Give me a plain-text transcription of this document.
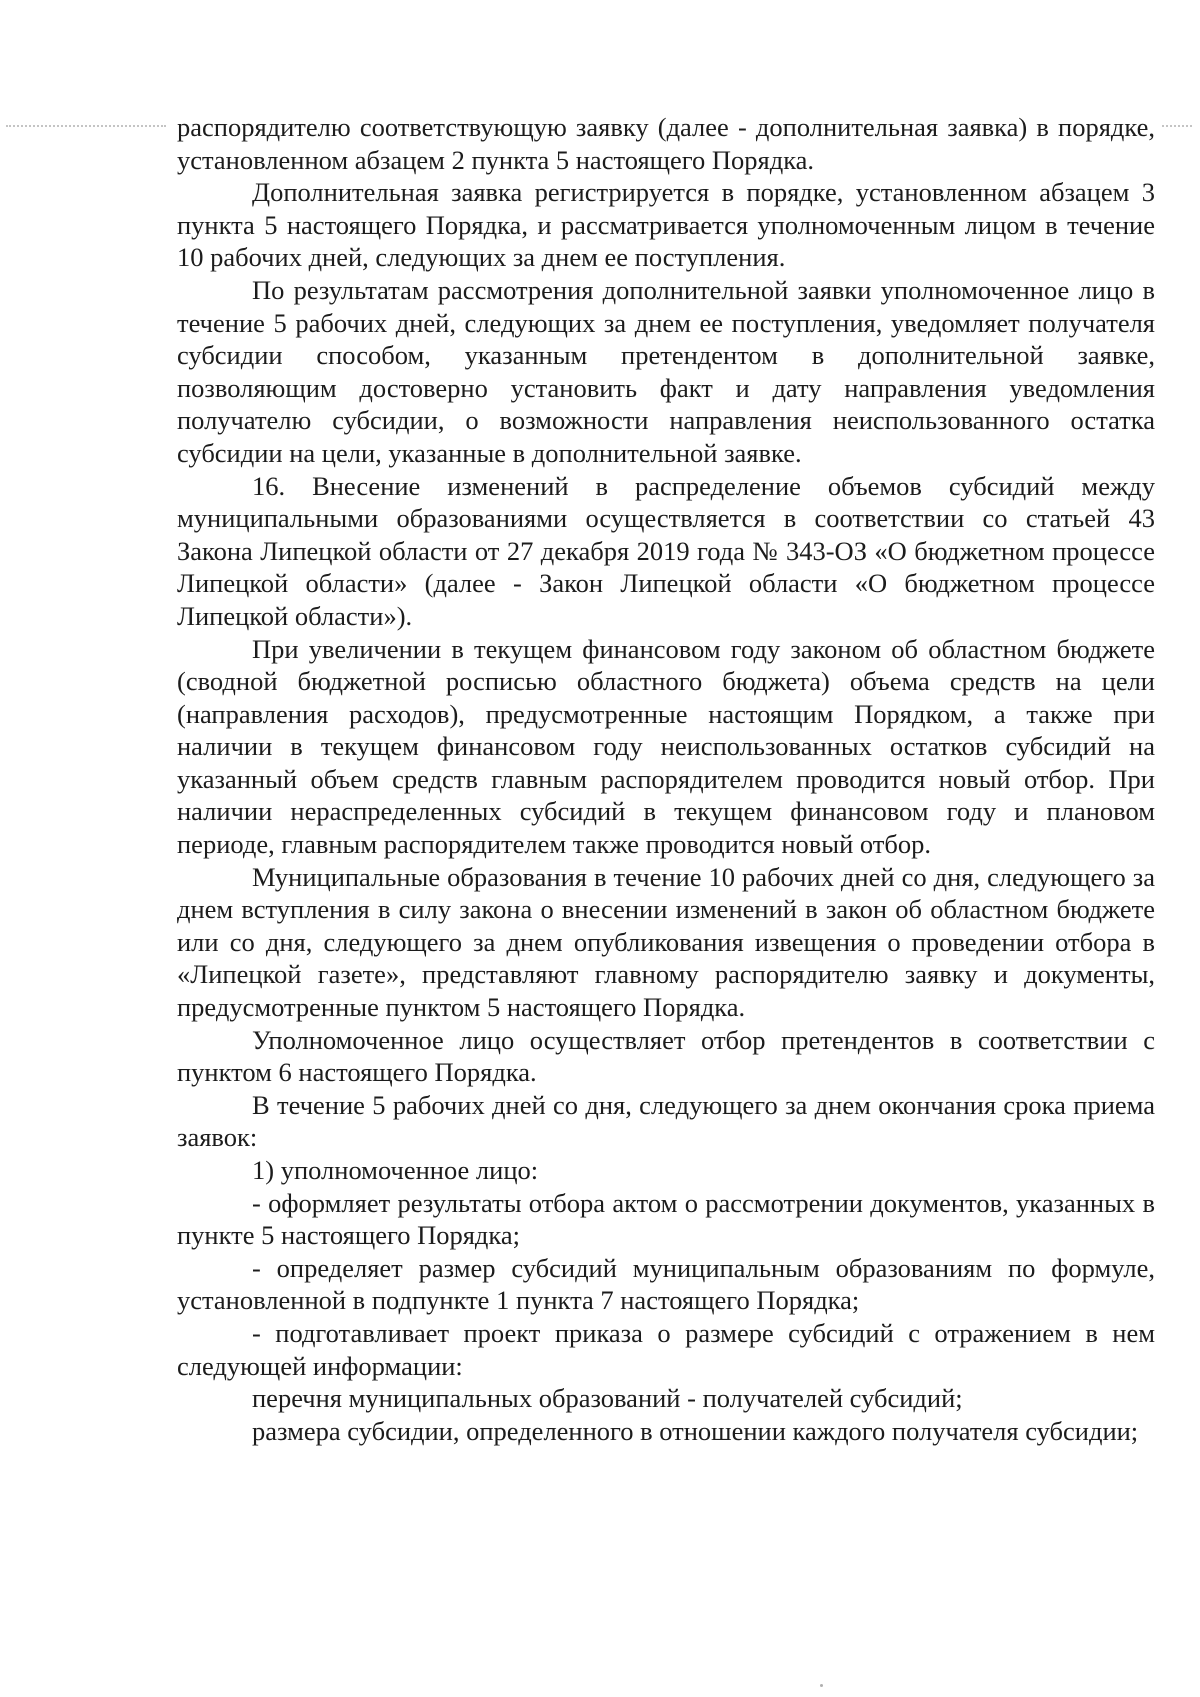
распорядителю соответствующую заявку (далее - дополнительная заявка) в порядке, установленном абзацем 2 пункта 5 настоящего Порядка.

Дополнительная заявка регистрируется в порядке, установленном абзацем 3 пункта 5 настоящего Порядка, и рассматривается уполномоченным лицом в течение 10 рабочих дней, следующих за днем ее поступления.

По результатам рассмотрения дополнительной заявки уполномоченное лицо в течение 5 рабочих дней, следующих за днем ее поступления, уведомляет получателя субсидии способом, указанным претендентом в дополнительной заявке, позволяющим достоверно установить факт и дату направления уведомления получателю субсидии, о возможности направления неиспользованного остатка субсидии на цели, указанные в дополнительной заявке.

16. Внесение изменений в распределение объемов субсидий между муниципальными образованиями осуществляется в соответствии со статьей 43 Закона Липецкой области от 27 декабря 2019 года № 343-ОЗ «О бюджетном процессе Липецкой области» (далее - Закон Липецкой области «О бюджетном процессе Липецкой области»).

При увеличении в текущем финансовом году законом об областном бюджете (сводной бюджетной росписью областного бюджета) объема средств на цели (направления расходов), предусмотренные настоящим Порядком, а также при наличии в текущем финансовом году неиспользованных остатков субсидий на указанный объем средств главным распорядителем проводится новый отбор. При наличии нераспределенных субсидий в текущем финансовом году и плановом периоде, главным распорядителем также проводится новый отбор.

Муниципальные образования в течение 10 рабочих дней со дня, следующего за днем вступления в силу закона о внесении изменений в закон об областном бюджете или со дня, следующего за днем опубликования извещения о проведении отбора в «Липецкой газете», представляют главному распорядителю заявку и документы, предусмотренные пунктом 5 настоящего Порядка.

Уполномоченное лицо осуществляет отбор претендентов в соответствии с пунктом 6 настоящего Порядка.

В течение 5 рабочих дней со дня, следующего за днем окончания срока приема заявок:

1) уполномоченное лицо:

- оформляет результаты отбора актом о рассмотрении документов, указанных в пункте 5 настоящего Порядка;

- определяет размер субсидий муниципальным образованиям по формуле, установленной в подпункте 1 пункта 7 настоящего Порядка;

- подготавливает проект приказа о размере субсидий с отражением в нем следующей информации:

перечня муниципальных образований - получателей субсидий;

размера субсидии, определенного в отношении каждого получателя субсидии;
